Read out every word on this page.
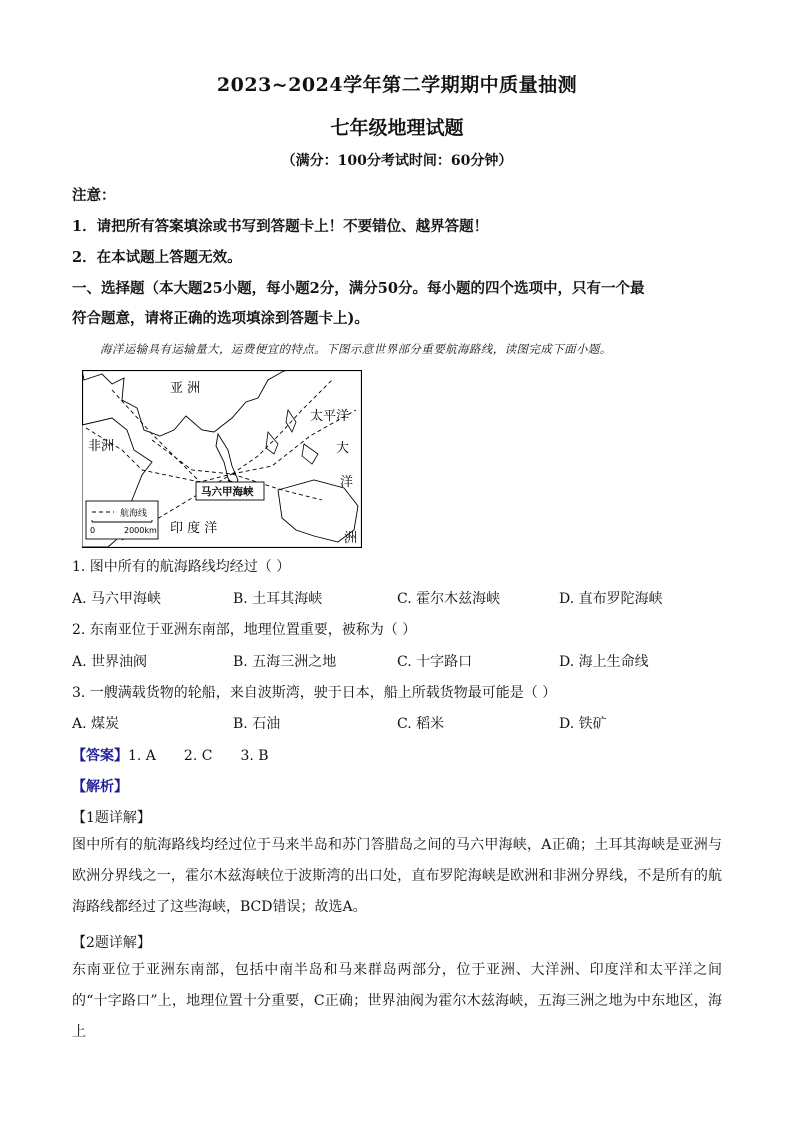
2023~2024学年第二学期期中质量抽测
七年级地理试题
（满分：100分考试时间：60分钟）
注意：
1．请把所有答案填涂或书写到答题卡上！不要错位、越界答题！
2．在本试题上答题无效。
一、选择题（本大题25小题，每小题2分，满分50分。每小题的四个选项中，只有一个最
符合题意，请将正确的选项填涂到答题卡上)。
海洋运输具有运输量大，运费便宜的特点。下图示意世界部分重要航海路线，读图完成下面小题。
亚 洲
非洲
太平洋
大
洋
洲
印 度 洋
马六甲海峡
航海线
0	2000km
1. 图中所有的航海路线均经过（ ）
A. 马六甲海峡	B. 土耳其海峡	C. 霍尔木兹海峡	D. 直布罗陀海峡
2. 东南亚位于亚洲东南部，地理位置重要，被称为（ ）
A. 世界油阀	B. 五海三洲之地	C. 十字路口	D. 海上生命线
3. 一艘满载货物的轮船，来自波斯湾，驶于日本，船上所载货物最可能是（ ）
A. 煤炭	B. 石油	C. 稻米	D. 铁矿
【答案】1. A 2. C 3. B
【解析】
【1题详解】
图中所有的航海路线均经过位于马来半岛和苏门答腊岛之间的马六甲海峡，A正确；土耳其海峡是亚洲与欧洲分界线之一，霍尔木兹海峡位于波斯湾的出口处，直布罗陀海峡是欧洲和非洲分界线，不是所有的航海路线都经过了这些海峡，BCD错误；故选A。
【2题详解】
东南亚位于亚洲东南部，包括中南半岛和马来群岛两部分，位于亚洲、大洋洲、印度洋和太平洋之间的“十字路口”上，地理位置十分重要，C正确；世界油阀为霍尔木兹海峡，五海三洲之地为中东地区，海上
